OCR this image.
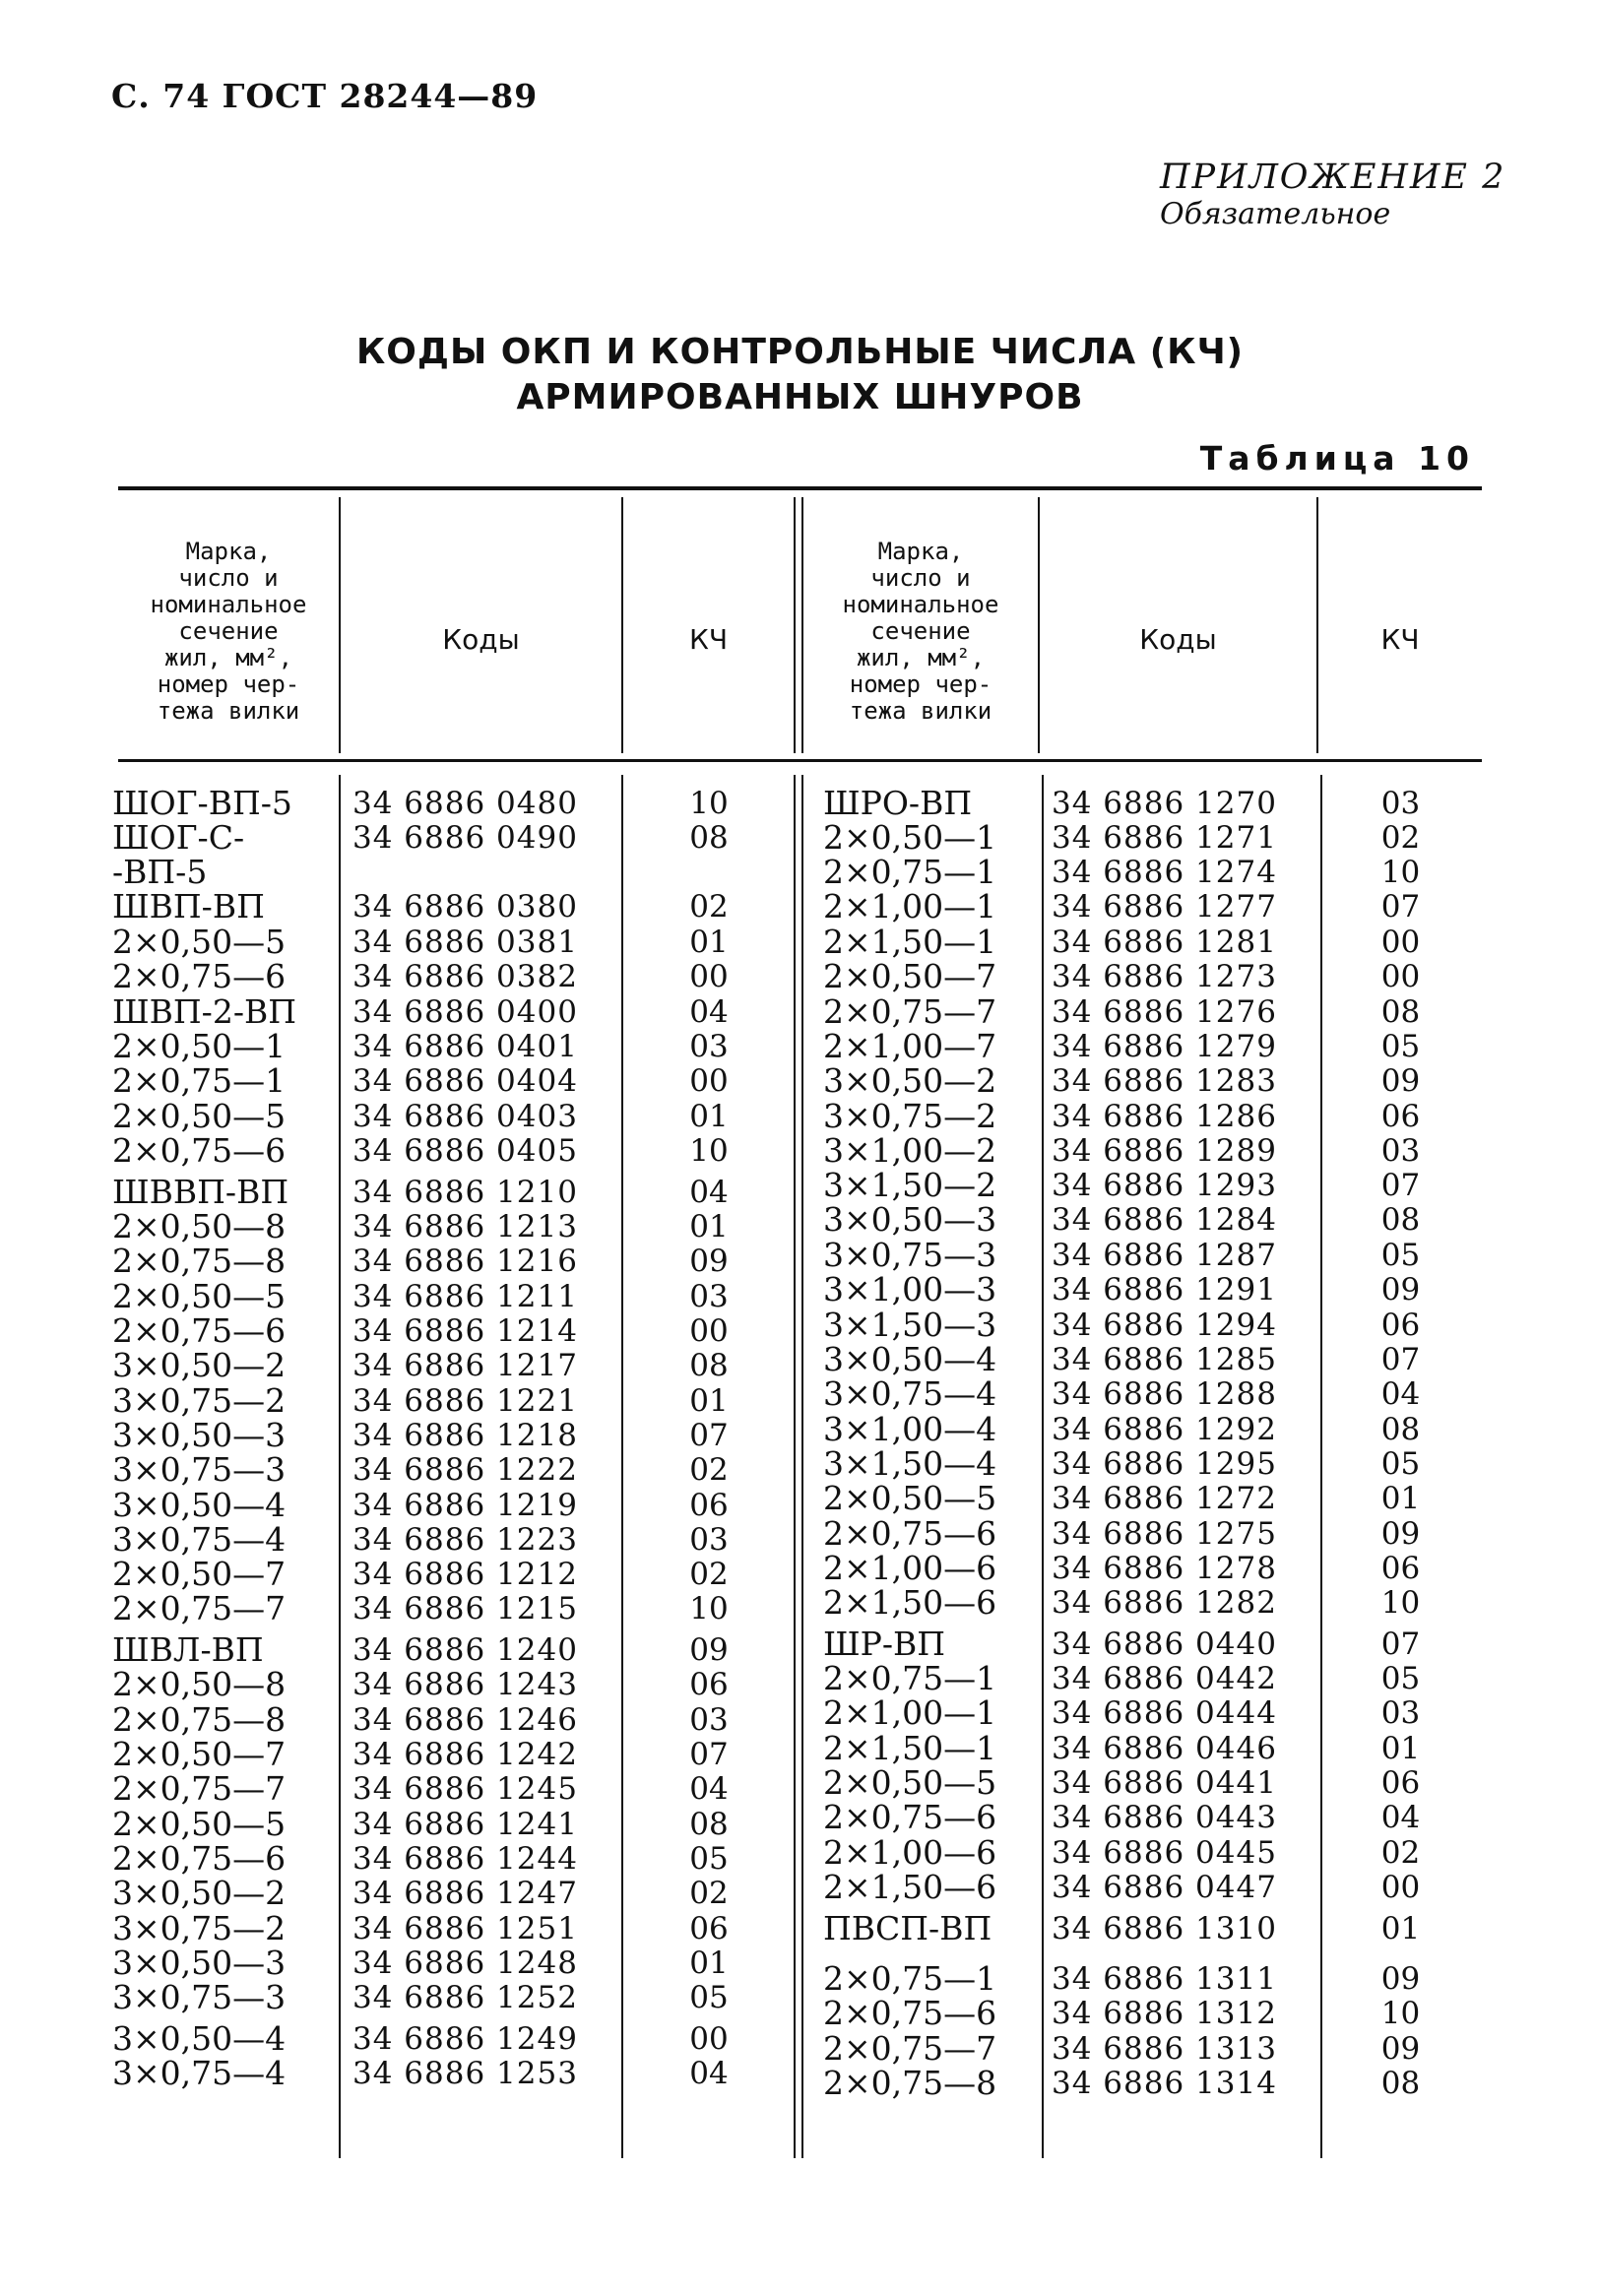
С. 74 ГОСТ 28244—89
ПРИЛОЖЕНИЕ 2
Обязательное
КОДЫ ОКП И КОНТРОЛЬНЫЕ ЧИСЛА (КЧ)
АРМИРОВАННЫХ ШНУРОВ
Таблица 10
Марка,
число и
номинальное
сечение
жил, мм²,
номер чер-
тежа вилки
Коды	КЧ
Марка,
число и
номинальное
сечение
жил, мм²,
номер чер-
тежа вилки
Коды	КЧ
ШОГ-ВП-5
ШОГ-С-
-ВП-5
ШВП-ВП
2×0,50—5
2×0,75—6
ШВП-2-ВП
2×0,50—1
2×0,75—1
2×0,50—5
2×0,75—6
ШВВП-ВП
2×0,50—8
2×0,75—8
2×0,50—5
2×0,75—6
3×0,50—2
3×0,75—2
3×0,50—3
3×0,75—3
3×0,50—4
3×0,75—4
2×0,50—7
2×0,75—7
ШВЛ-ВП
2×0,50—8
2×0,75—8
2×0,50—7
2×0,75—7
2×0,50—5
2×0,75—6
3×0,50—2
3×0,75—2
3×0,50—3
3×0,75—3
3×0,50—4
3×0,75—4
34 6886 0480
34 6886 0490
34 6886 0380
34 6886 0381
34 6886 0382
34 6886 0400
34 6886 0401
34 6886 0404
34 6886 0403
34 6886 0405
34 6886 1210
34 6886 1213
34 6886 1216
34 6886 1211
34 6886 1214
34 6886 1217
34 6886 1221
34 6886 1218
34 6886 1222
34 6886 1219
34 6886 1223
34 6886 1212
34 6886 1215
34 6886 1240
34 6886 1243
34 6886 1246
34 6886 1242
34 6886 1245
34 6886 1241
34 6886 1244
34 6886 1247
34 6886 1251
34 6886 1248
34 6886 1252
34 6886 1249
34 6886 1253
10
08
02
01
00
04
03
00
01
10
04
01
09
03
00
08
01
07
02
06
03
02
10
09
06
03
07
04
08
05
02
06
01
05
00
04
ШРО-ВП
2×0,50—1
2×0,75—1
2×1,00—1
2×1,50—1
2×0,50—7
2×0,75—7
2×1,00—7
3×0,50—2
3×0,75—2
3×1,00—2
3×1,50—2
3×0,50—3
3×0,75—3
3×1,00—3
3×1,50—3
3×0,50—4
3×0,75—4
3×1,00—4
3×1,50—4
2×0,50—5
2×0,75—6
2×1,00—6
2×1,50—6
ШР-ВП
2×0,75—1
2×1,00—1
2×1,50—1
2×0,50—5
2×0,75—6
2×1,00—6
2×1,50—6
ПВСП-ВП
2×0,75—1
2×0,75—6
2×0,75—7
2×0,75—8
34 6886 1270
34 6886 1271
34 6886 1274
34 6886 1277
34 6886 1281
34 6886 1273
34 6886 1276
34 6886 1279
34 6886 1283
34 6886 1286
34 6886 1289
34 6886 1293
34 6886 1284
34 6886 1287
34 6886 1291
34 6886 1294
34 6886 1285
34 6886 1288
34 6886 1292
34 6886 1295
34 6886 1272
34 6886 1275
34 6886 1278
34 6886 1282
34 6886 0440
34 6886 0442
34 6886 0444
34 6886 0446
34 6886 0441
34 6886 0443
34 6886 0445
34 6886 0447
34 6886 1310
34 6886 1311
34 6886 1312
34 6886 1313
34 6886 1314
03
02
10
07
00
00
08
05
09
06
03
07
08
05
09
06
07
04
08
05
01
09
06
10
07
05
03
01
06
04
02
00
01
09
10
09
08
